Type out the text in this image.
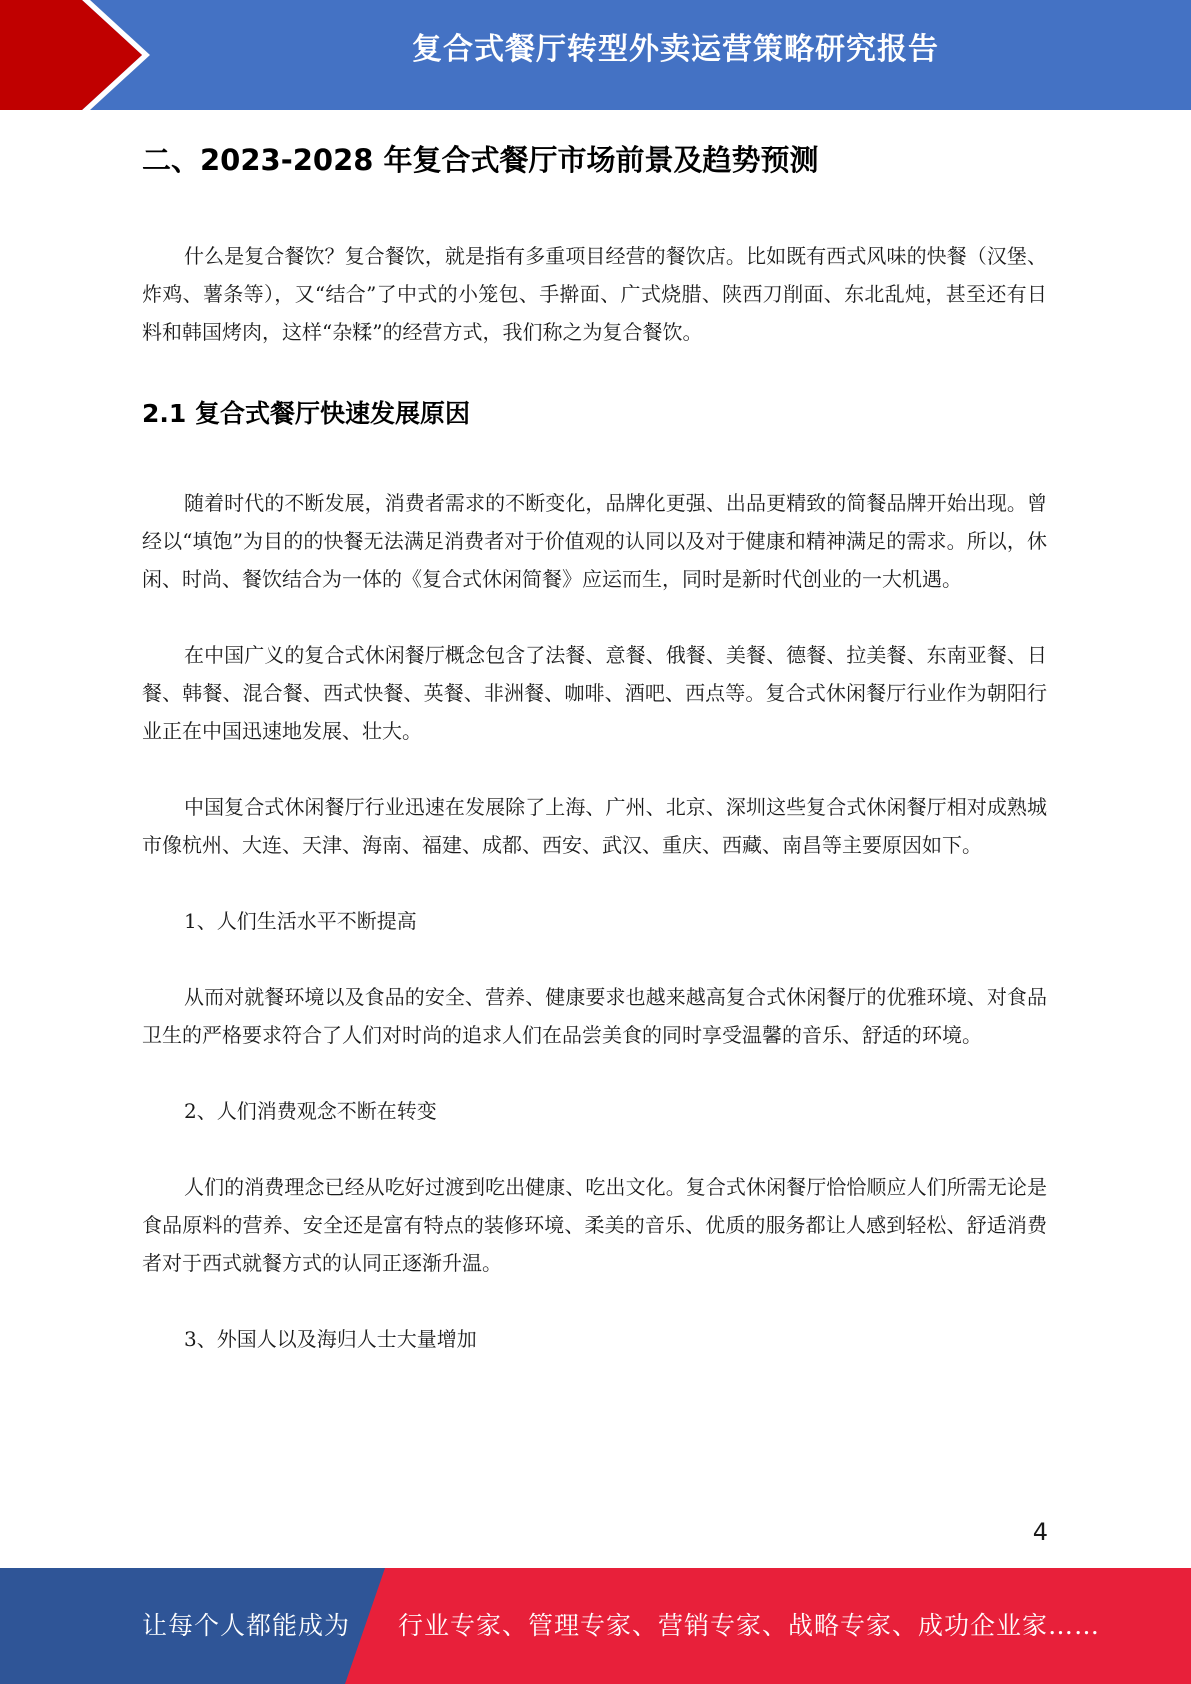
复合式餐厅转型外卖运营策略研究报告
二、2023-2028 年复合式餐厅市场前景及趋势预测

什么是复合餐饮？复合餐饮，就是指有多重项目经营的餐饮店。比如既有西式风味的快餐（汉堡、炸鸡、薯条等），又“结合”了中式的小笼包、手擀面、广式烧腊、陕西刀削面、东北乱炖，甚至还有日料和韩国烤肉，这样“杂糅”的经营方式，我们称之为复合餐饮。

2.1 复合式餐厅快速发展原因

随着时代的不断发展，消费者需求的不断变化，品牌化更强、出品更精致的简餐品牌开始出现。曾经以“填饱”为目的的快餐无法满足消费者对于价值观的认同以及对于健康和精神满足的需求。所以，休闲、时尚、餐饮结合为一体的《复合式休闲简餐》应运而生，同时是新时代创业的一大机遇。

在中国广义的复合式休闲餐厅概念包含了法餐、意餐、俄餐、美餐、德餐、拉美餐、东南亚餐、日餐、韩餐、混合餐、西式快餐、英餐、非洲餐、咖啡、酒吧、西点等。复合式休闲餐厅行业作为朝阳行业正在中国迅速地发展、壮大。

中国复合式休闲餐厅行业迅速在发展除了上海、广州、北京、深圳这些复合式休闲餐厅相对成熟城市像杭州、大连、天津、海南、福建、成都、西安、武汉、重庆、西藏、南昌等主要原因如下。

1、人们生活水平不断提高

从而对就餐环境以及食品的安全、营养、健康要求也越来越高复合式休闲餐厅的优雅环境、对食品卫生的严格要求符合了人们对时尚的追求人们在品尝美食的同时享受温馨的音乐、舒适的环境。

2、人们消费观念不断在转变

人们的消费理念已经从吃好过渡到吃出健康、吃出文化。复合式休闲餐厅恰恰顺应人们所需无论是食品原料的营养、安全还是富有特点的装修环境、柔美的音乐、优质的服务都让人感到轻松、舒适消费者对于西式就餐方式的认同正逐渐升温。

3、外国人以及海归人士大量增加

4
让每个人都能成为 行业专家、管理专家、营销专家、战略专家、成功企业家……
